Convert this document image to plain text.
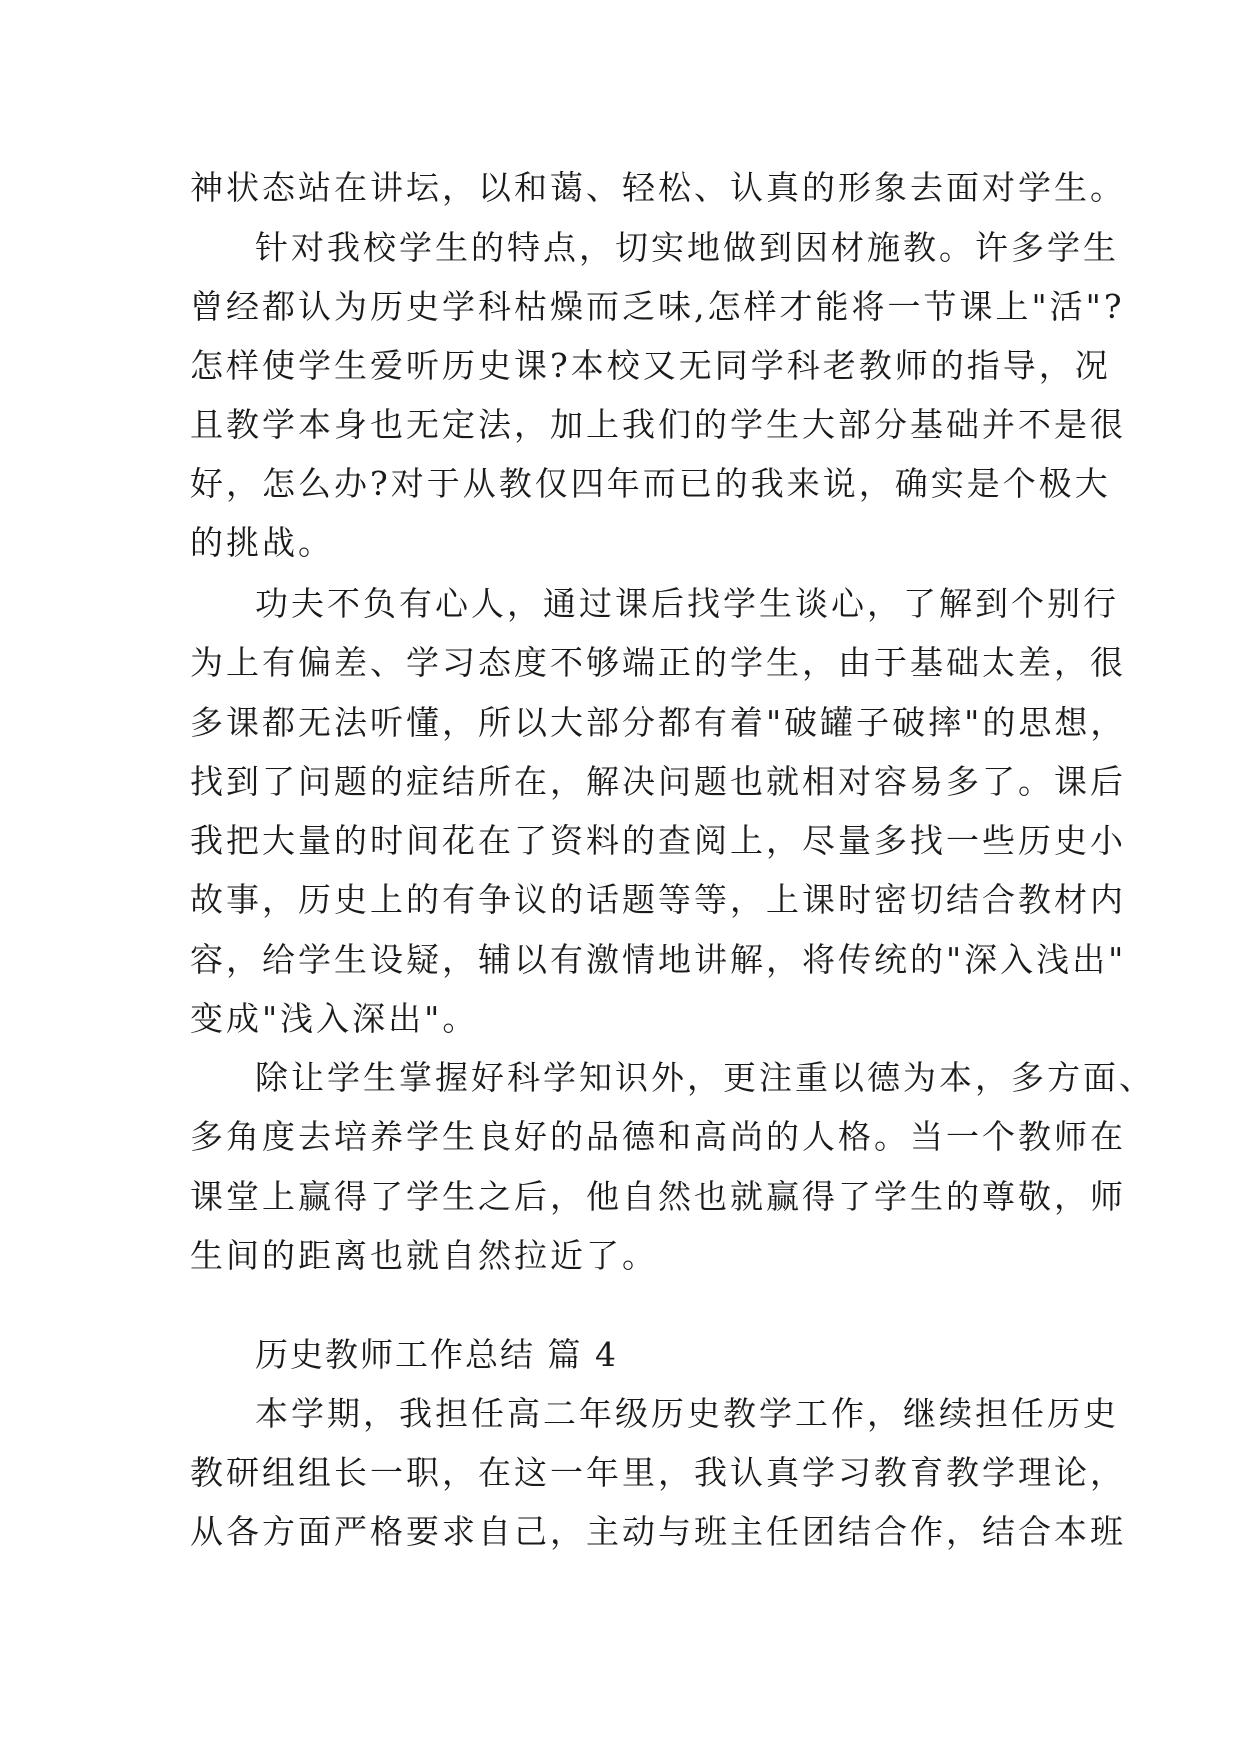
神状态站在讲坛，以和蔼、轻松、认真的形象去面对学生。
针对我校学生的特点，切实地做到因材施教。许多学生
曾经都认为历史学科枯燥而乏味,怎样才能将一节课上"活"?
怎样使学生爱听历史课?本校又无同学科老教师的指导，况
且教学本身也无定法，加上我们的学生大部分基础并不是很
好，怎么办?对于从教仅四年而已的我来说，确实是个极大
的挑战。
功夫不负有心人，通过课后找学生谈心，了解到个别行
为上有偏差、学习态度不够端正的学生，由于基础太差，很
多课都无法听懂，所以大部分都有着"破罐子破摔"的思想，
找到了问题的症结所在，解决问题也就相对容易多了。课后
我把大量的时间花在了资料的查阅上，尽量多找一些历史小
故事，历史上的有争议的话题等等，上课时密切结合教材内
容，给学生设疑，辅以有激情地讲解，将传统的"深入浅出"
变成"浅入深出"。
除让学生掌握好科学知识外，更注重以德为本，多方面、
多角度去培养学生良好的品德和高尚的人格。当一个教师在
课堂上赢得了学生之后，他自然也就赢得了学生的尊敬，师
生间的距离也就自然拉近了。
历史教师工作总结 篇 4
本学期，我担任高二年级历史教学工作，继续担任历史
教研组组长一职，在这一年里，我认真学习教育教学理论，
从各方面严格要求自己，主动与班主任团结合作，结合本班
